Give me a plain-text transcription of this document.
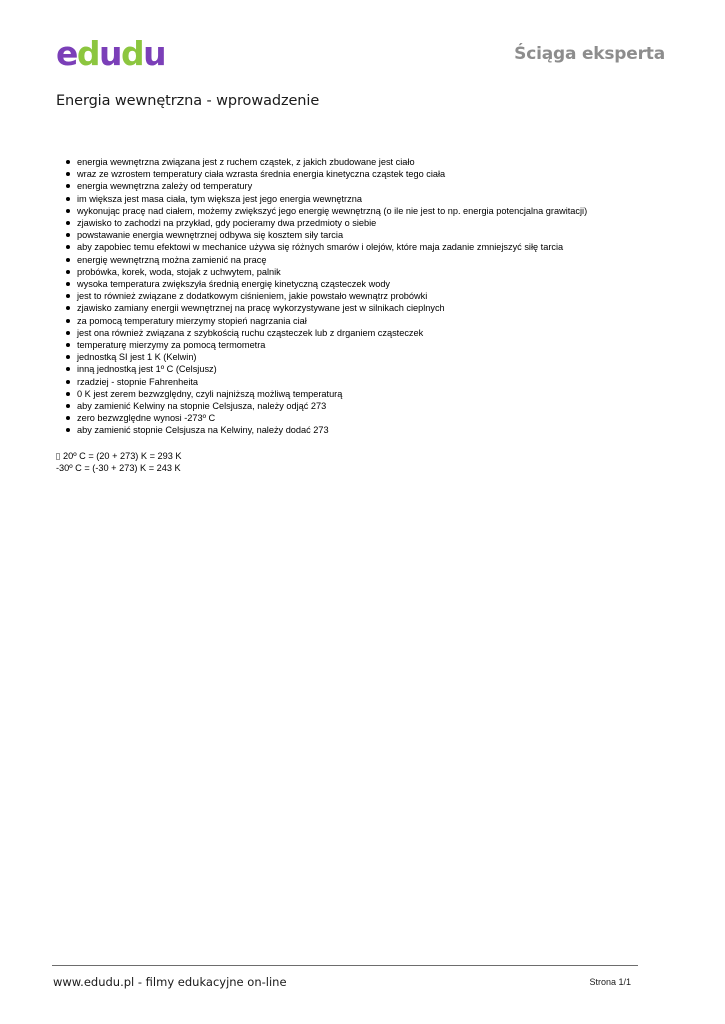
edudu	Ściąga eksperta
Energia wewnętrzna - wprowadzenie
energia wewnętrzna związana jest z ruchem cząstek, z jakich zbudowane jest ciało
wraz ze wzrostem temperatury ciała wzrasta średnia energia kinetyczna cząstek tego ciała
energia wewnętrzna zależy od temperatury
im większa jest masa ciała, tym większa jest jego energia wewnętrzna
wykonując pracę nad ciałem, możemy zwiększyć jego energię wewnętrzną (o ile nie jest to np. energia potencjalna grawitacji)
zjawisko to zachodzi na przykład, gdy pocieramy dwa przedmioty o siebie
powstawanie energia wewnętrznej odbywa się kosztem siły tarcia
aby zapobiec temu efektowi w mechanice używa się różnych smarów i olejów, które maja zadanie zmniejszyć siłę tarcia
energię wewnętrzną można zamienić na pracę
probówka, korek, woda, stojak z uchwytem, palnik
wysoka temperatura zwiększyła średnią energię kinetyczną cząsteczek wody
jest to również związane z dodatkowym ciśnieniem, jakie powstało wewnątrz probówki
zjawisko zamiany energii wewnętrznej na pracę wykorzystywane jest w silnikach cieplnych
za pomocą temperatury mierzymy stopień nagrzania ciał
jest ona również związana z szybkością ruchu cząsteczek lub z drganiem cząsteczek
temperaturę mierzymy za pomocą termometra
jednostką SI jest 1 K (Kelwin)
inną jednostką jest 1º C (Celsjusz)
rzadziej - stopnie Fahrenheita
0 K jest zerem bezwzględny, czyli najniższą możliwą temperaturą
aby zamienić Kelwiny na stopnie Celsjusza, należy odjąć 273
zero bezwzględne wynosi -273º C
aby zamienić stopnie Celsjusza na Kelwiny, należy dodać 273
20º C = (20 + 273) K = 293 K
-30º C = (-30 + 273) K = 243 K
www.edudu.pl - filmy edukacyjne on-line	Strona 1/1
